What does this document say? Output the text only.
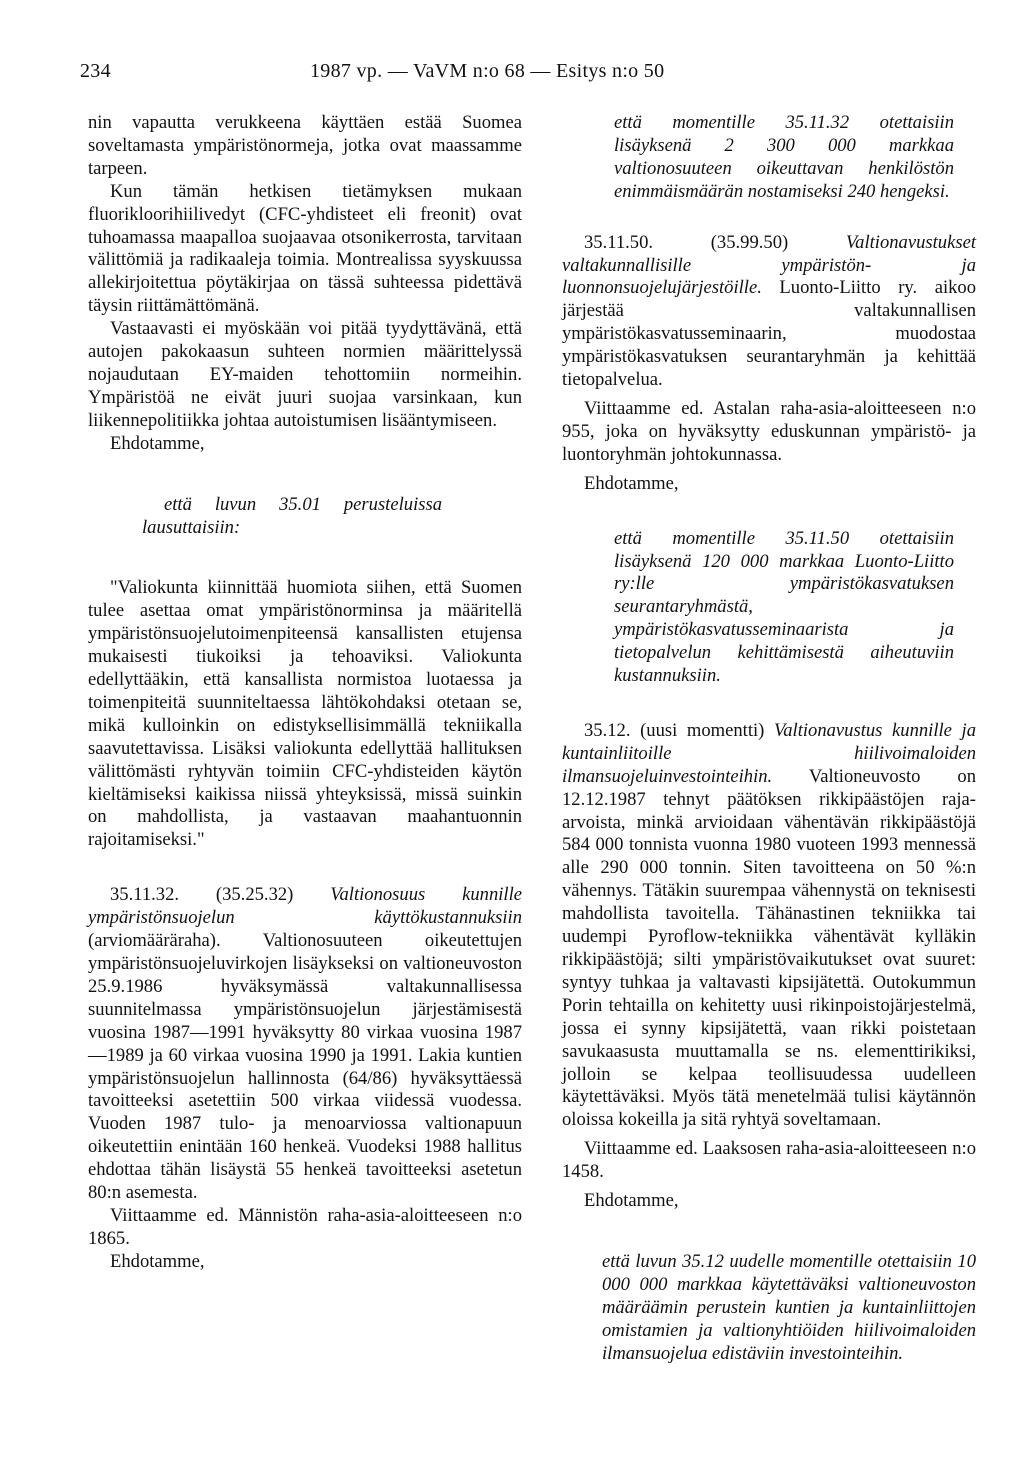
234	1987 vp. — VaVM n:o 68 — Esitys n:o 50

nin vapautta verukkeena käyttäen estää Suomea soveltamasta ympäristönormeja, jotka ovat maassamme tarpeen.

Kun tämän hetkisen tietämyksen mukaan fluorikloorihiilivedyt (CFC-yhdisteet eli freonit) ovat tuhoamassa maapalloa suojaavaa otsonikerrosta, tarvitaan välittömiä ja radikaaleja toimia. Montrealissa syyskuussa allekirjoitettua pöytäkirjaa on tässä suhteessa pidettävä täysin riittämättömänä.

Vastaavasti ei myöskään voi pitää tyydyttävänä, että autojen pakokaasun suhteen normien määrittelyssä nojaudutaan EY-maiden tehottomiin normeihin. Ympäristöä ne eivät juuri suojaa varsinkaan, kun liikennepolitiikka johtaa autoistumisen lisääntymiseen.

Ehdotamme,

että luvun 35.01 perusteluissa lausuttaisiin:

"Valiokunta kiinnittää huomiota siihen, että Suomen tulee asettaa omat ympäristönorminsa ja määritellä ympäristönsuojelutoimenpiteensä kansallisten etujensa mukaisesti tiukoiksi ja tehoaviksi. Valiokunta edellyttääkin, että kansallista normistoa luotaessa ja toimenpiteitä suunniteltaessa lähtökohdaksi otetaan se, mikä kulloinkin on edistyksellisimmällä tekniikalla saavutettavissa. Lisäksi valiokunta edellyttää hallituksen välittömästi ryhtyvän toimiin CFC-yhdisteiden käytön kieltämiseksi kaikissa niissä yhteyksissä, missä suinkin on mahdollista, ja vastaavan maahantuonnin rajoitamiseksi."

35.11.32. (35.25.32) Valtionosuus kunnille ympäristönsuojelun käyttökustannuksiin (arviomääräraha). Valtionosuuteen oikeutettujen ympäristönsuojeluvirkojen lisäykseksi on valtioneuvoston 25.9.1986 hyväksymässä valtakunnallisessa suunnitelmassa ympäristönsuojelun järjestämisestä vuosina 1987—1991 hyväksytty 80 virkaa vuosina 1987—1989 ja 60 virkaa vuosina 1990 ja 1991. Lakia kuntien ympäristönsuojelun hallinnosta (64/86) hyväksyttäessä tavoitteeksi asetettiin 500 virkaa viidessä vuodessa. Vuoden 1987 tulo- ja menoarviossa valtionapuun oikeutettiin enintään 160 henkeä. Vuodeksi 1988 hallitus ehdottaa tähän lisäystä 55 henkeä tavoitteeksi asetetun 80:n asemesta.

Viittaamme ed. Männistön raha-asia-aloitteeseen n:o 1865.

Ehdotamme,

että momentille 35.11.32 otettaisiin lisäyksenä 2 300 000 markkaa valtionosuuteen oikeuttavan henkilöstön enimmäismäärän nostamiseksi 240 hengeksi.

35.11.50. (35.99.50) Valtionavustukset valtakunnallisille ympäristön- ja luonnonsuojelujärjestöille. Luonto-Liitto ry. aikoo järjestää valtakunnallisen ympäristökasvatusseminaarin, muodostaa ympäristökasvatuksen seurantaryhmän ja kehittää tietopalvelua.

Viittaamme ed. Astalan raha-asia-aloitteeseen n:o 955, joka on hyväksytty eduskunnan ympäristö- ja luontoryhmän johtokunnassa.

Ehdotamme,

että momentille 35.11.50 otettaisiin lisäyksenä 120 000 markkaa Luonto-Liitto ry:lle ympäristökasvatuksen seurantaryhmästä, ympäristökasvatusseminaarista ja tietopalvelun kehittämisestä aiheutuviin kustannuksiin.

35.12. (uusi momentti) Valtionavustus kunnille ja kuntainliitoille hiilivoimaloiden ilmansuojeluinvestointeihin. Valtioneuvosto on 12.12.1987 tehnyt päätöksen rikkipäästöjen raja-arvoista, minkä arvioidaan vähentävän rikkipäästöjä 584 000 tonnista vuonna 1980 vuoteen 1993 mennessä alle 290 000 tonnin. Siten tavoitteena on 50 %:n vähennys. Tätäkin suurempaa vähennystä on teknisesti mahdollista tavoitella. Tähänastinen tekniikka tai uudempi Pyroflow-tekniikka vähentävät kylläkin rikkipäästöjä; silti ympäristövaikutukset ovat suuret: syntyy tuhkaa ja valtavasti kipsijätettä. Outokummun Porin tehtailla on kehitetty uusi rikinpoistojärjestelmä, jossa ei synny kipsijätettä, vaan rikki poistetaan savukaasusta muuttamalla se ns. elementtirikiksi, jolloin se kelpaa teollisuudessa uudelleen käytettäväksi. Myös tätä menetelmää tulisi käytännön oloissa kokeilla ja sitä ryhtyä soveltamaan.

Viittaamme ed. Laaksosen raha-asia-aloitteeseen n:o 1458.

Ehdotamme,

että luvun 35.12 uudelle momentille otettaisiin 10 000 000 markkaa käytettäväksi valtioneuvoston määräämin perustein kuntien ja kuntainliittojen omistamien ja valtionyhtiöiden hiilivoimaloiden ilmansuojelua edistäviin investointeihin.
